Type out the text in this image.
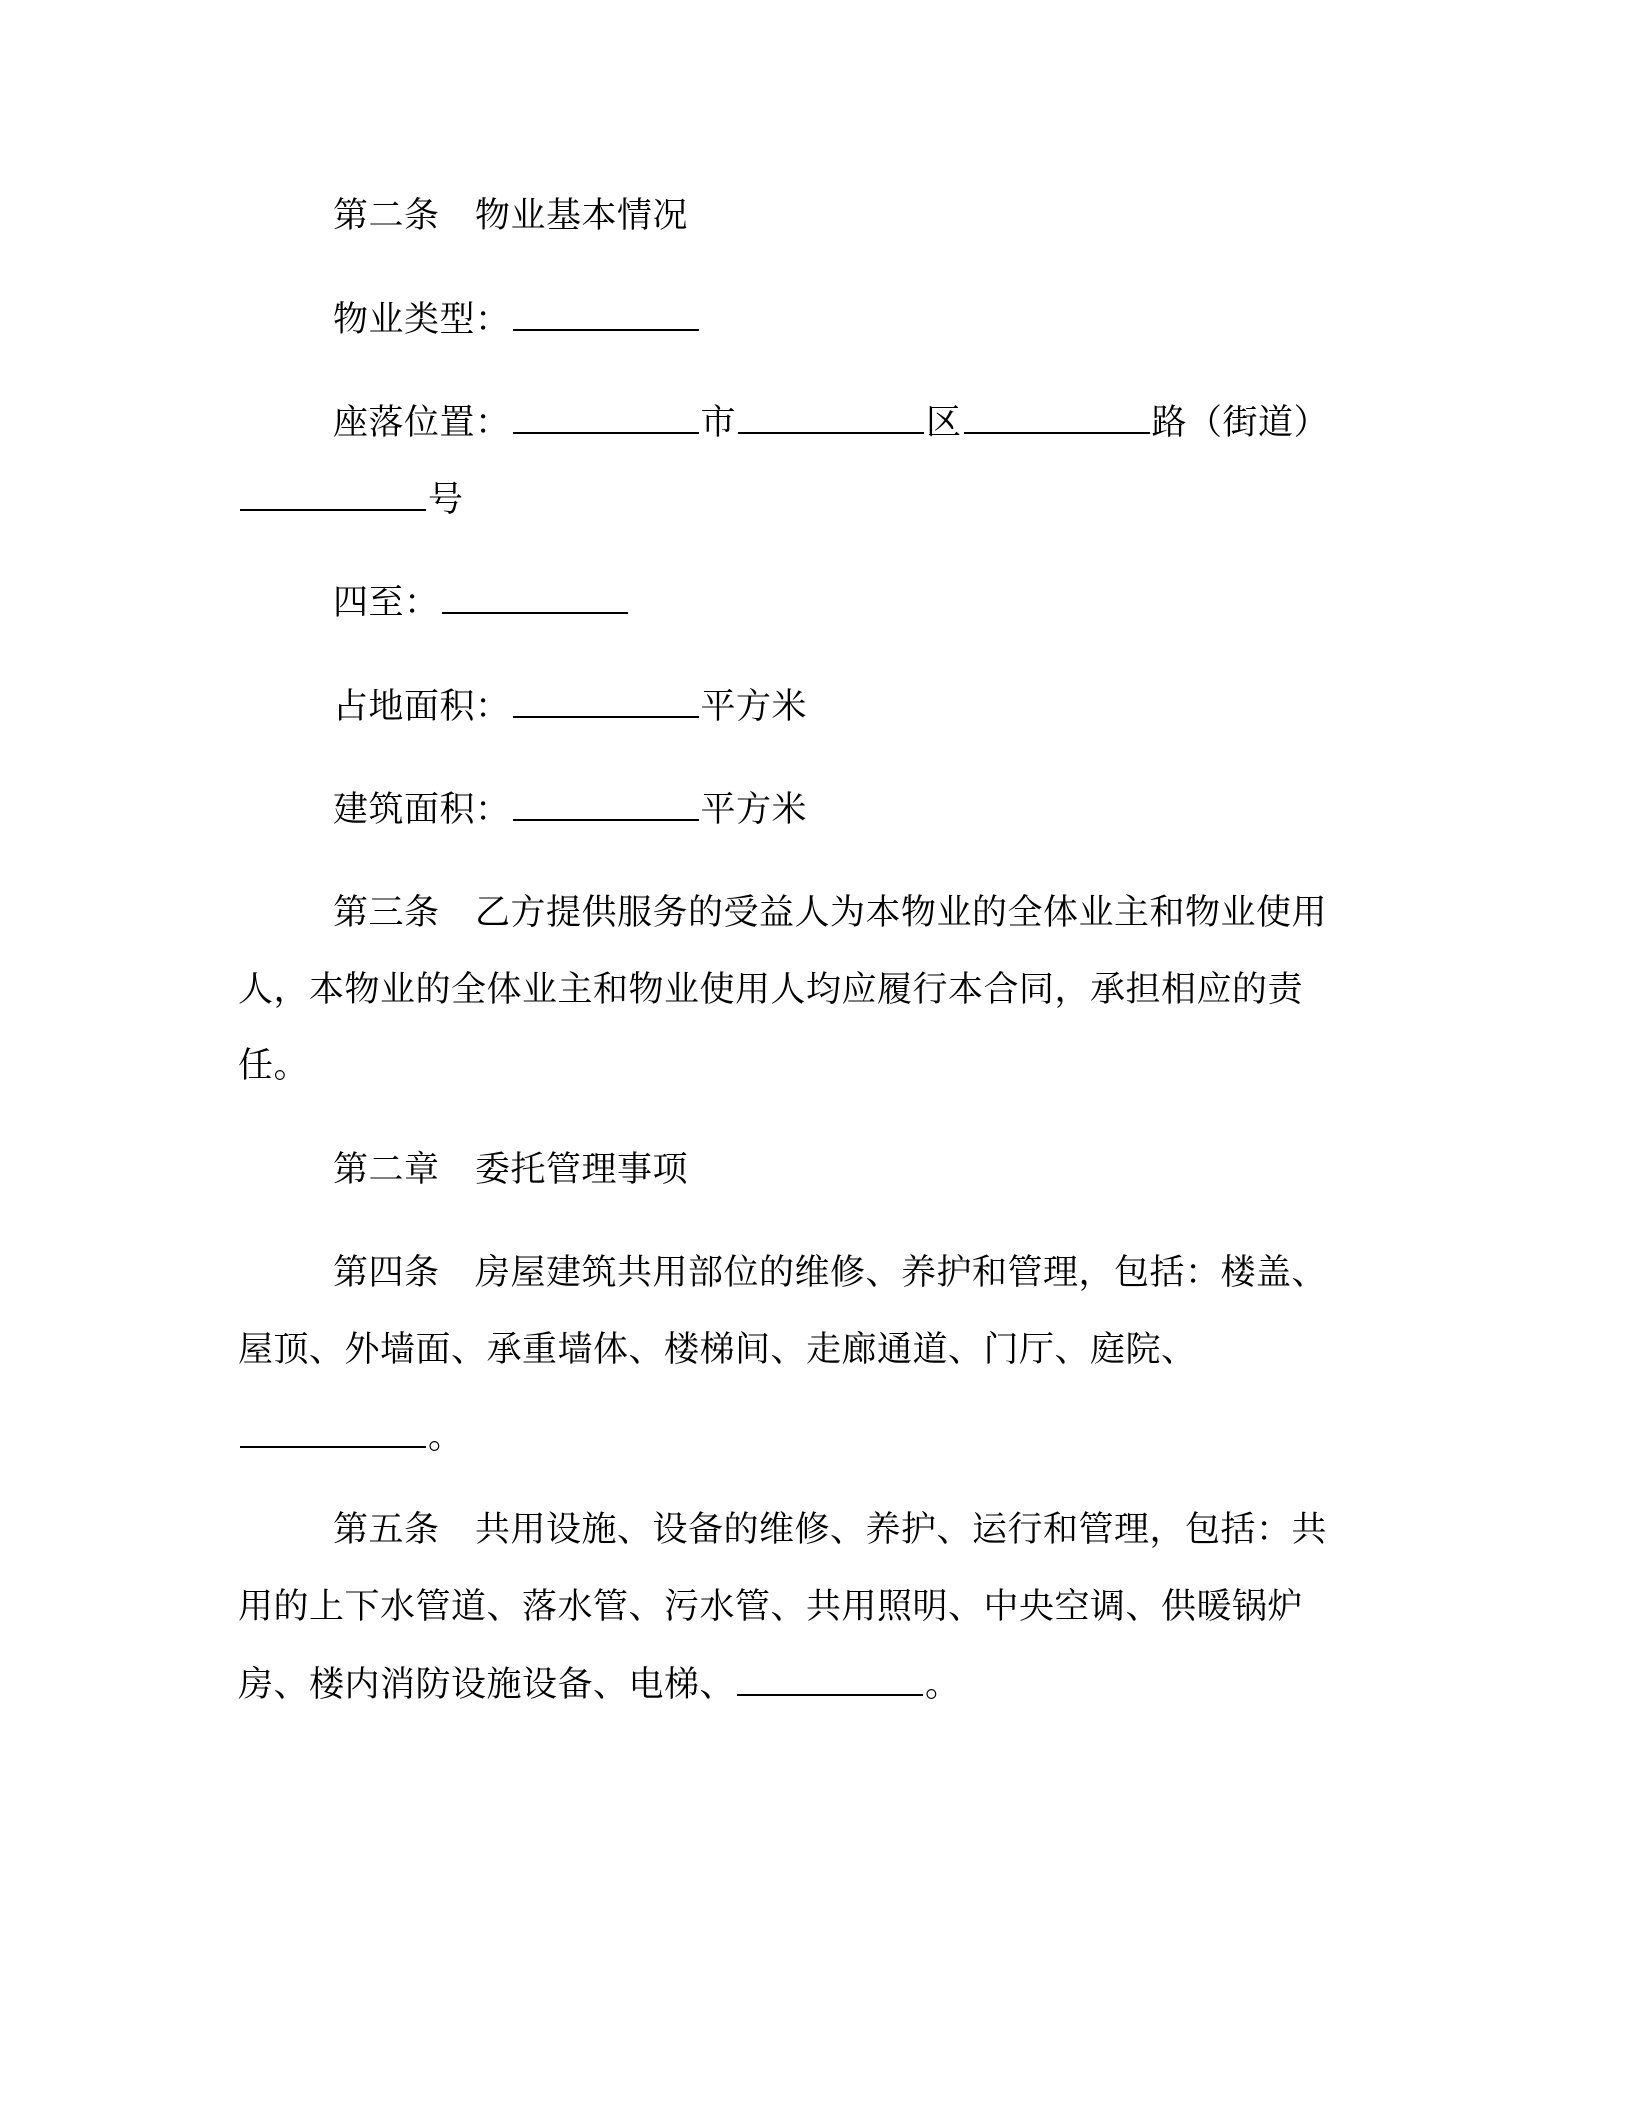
第二条　物业基本情况
物业类型：
座落位置：	市	区	路（街道）
号
四至：
占地面积：	平方米
建筑面积：	平方米
第三条　乙方提供服务的受益人为本物业的全体业主和物业使用
人，本物业的全体业主和物业使用人均应履行本合同，承担相应的责
任。
第二章　委托管理事项
第四条　房屋建筑共用部位的维修、养护和管理，包括：楼盖、
屋顶、外墙面、承重墙体、楼梯间、走廊通道、门厅、庭院、
。
第五条　共用设施、设备的维修、养护、运行和管理，包括：共
用的上下水管道、落水管、污水管、共用照明、中央空调、供暖锅炉
房、楼内消防设施设备、电梯、	。
